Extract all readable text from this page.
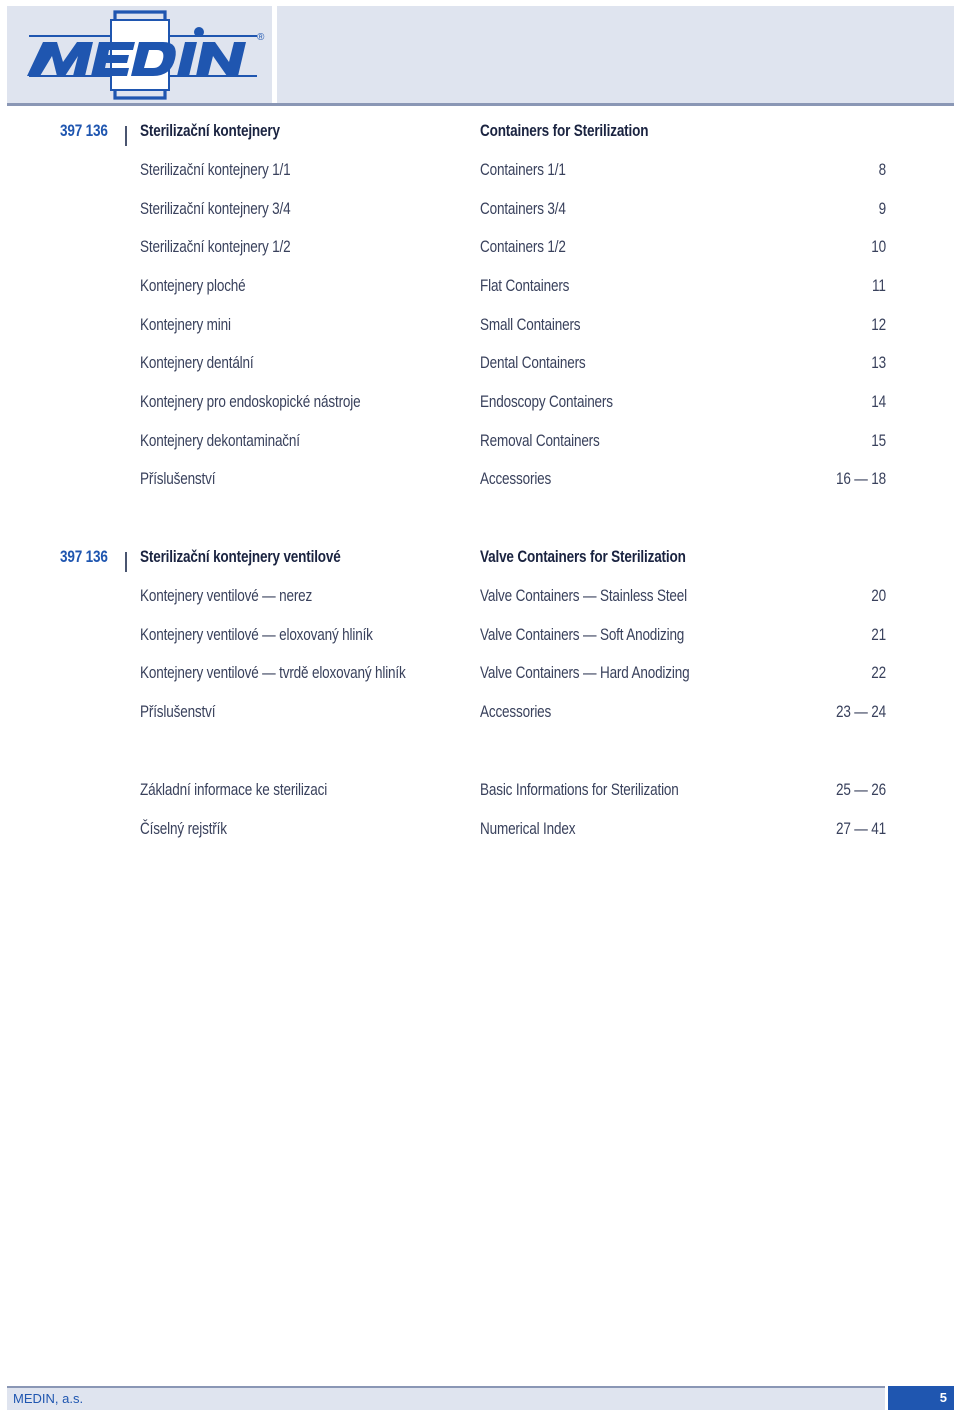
®
397 136 Sterilizační kontejnery	Containers for Sterilization
Sterilizační kontejnery 1/1	Containers 1/1	8
Sterilizační kontejnery 3/4	Containers 3/4	9
Sterilizační kontejnery 1/2	Containers 1/2	10
Kontejnery ploché	Flat Containers	11
Kontejnery mini	Small Containers	12
Kontejnery dentální	Dental Containers	13
Kontejnery pro endoskopické nástroje	Endoscopy Containers	14
Kontejnery dekontaminační	Removal Containers	15
Příslušenství	Accessories	16 — 18
397 136 Sterilizační kontejnery ventilové	Valve Containers for Sterilization
Kontejnery ventilové — nerez	Valve Containers — Stainless Steel	20
Kontejnery ventilové — eloxovaný hliník	Valve Containers — Soft Anodizing	21
Kontejnery ventilové — tvrdě eloxovaný hliník	Valve Containers — Hard Anodizing	22
Příslušenství	Accessories	23 — 24
Základní informace ke sterilizaci	Basic Informations for Sterilization	25 — 26
Číselný rejstřík	Numerical Index	27 — 41
MEDIN, a.s.	5
